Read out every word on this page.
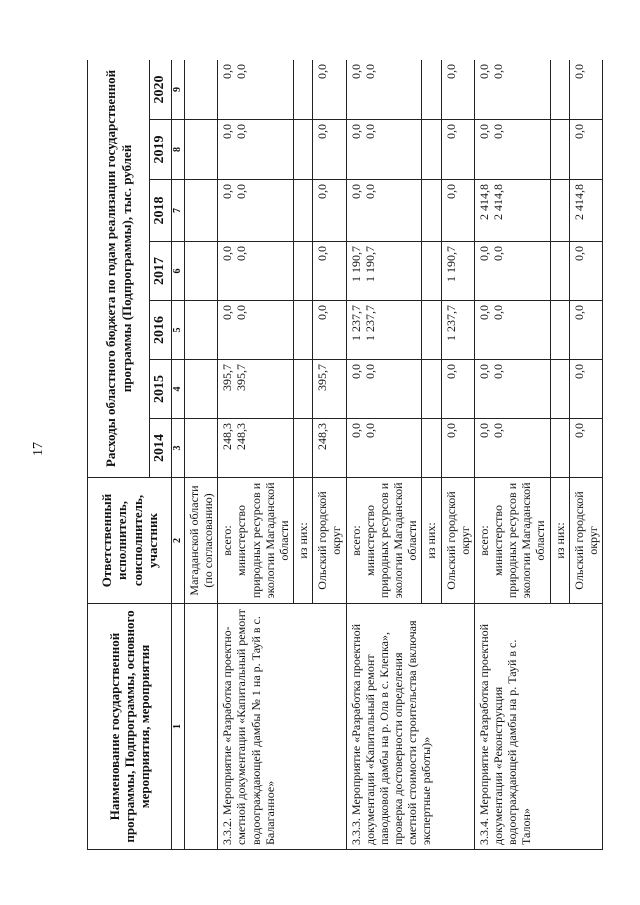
17
Наименование государственной программы, Подпрограммы, основного мероприятия, мероприятия	Ответственный исполнитель, соисполнитель, участник	Расходы областного бюджета по годам реализации государственной программы (Подпрограммы), тыс. рублей						
		2014	2015	2016	2017	2018	2019	2020
1	2	3	4	5	6	7	8	9
	Магаданской области (по согласованию)							
3.3.2. Мероприятие «Разработка проектно-сметной документации «Капитальный ремонт водоограждающей дамбы № 1 на р. Тауй в с. Балаганное»	всего: министерство природных ресурсов и экологии Магаданской области	248,3 248,3	395,7 395,7	0,0 0,0	0,0 0,0	0,0 0,0	0,0 0,0	0,0 0,0

	из них:							
	Ольский городской округ	248,3	395,7	0,0	0,0	0,0	0,0	0,0
3.3.3. Мероприятие «Разработка проектной документации «Капитальный ремонт паводковой дамбы на р. Ола в с. Клепка», проверка достоверности определения сметной стоимости строительства (включая экспертные работы)»	всего: министерство природных ресурсов и экологии Магаданской области	0,0 0,0	0,0 0,0	1 237,7 1 237,7	1 190,7 1 190,7	0,0 0,0	0,0 0,0	0,0 0,0

	из них:							
	Ольский городской округ	0,0	0,0	1 237,7	1 190,7	0,0	0,0	0,0
3.3.4. Мероприятие «Разработка проектной документации «Реконструкция водоограждающей дамбы на р. Тауй в с. Талон»	всего: министерство природных ресурсов и экологии Магаданской области	0,0 0,0	0,0 0,0	0,0 0,0	0,0 0,0	2 414,8 2 414,8	0,0 0,0	0,0 0,0

	из них:							
	Ольский городской округ	0,0	0,0	0,0	0,0	2 414,8	0,0	0,0
